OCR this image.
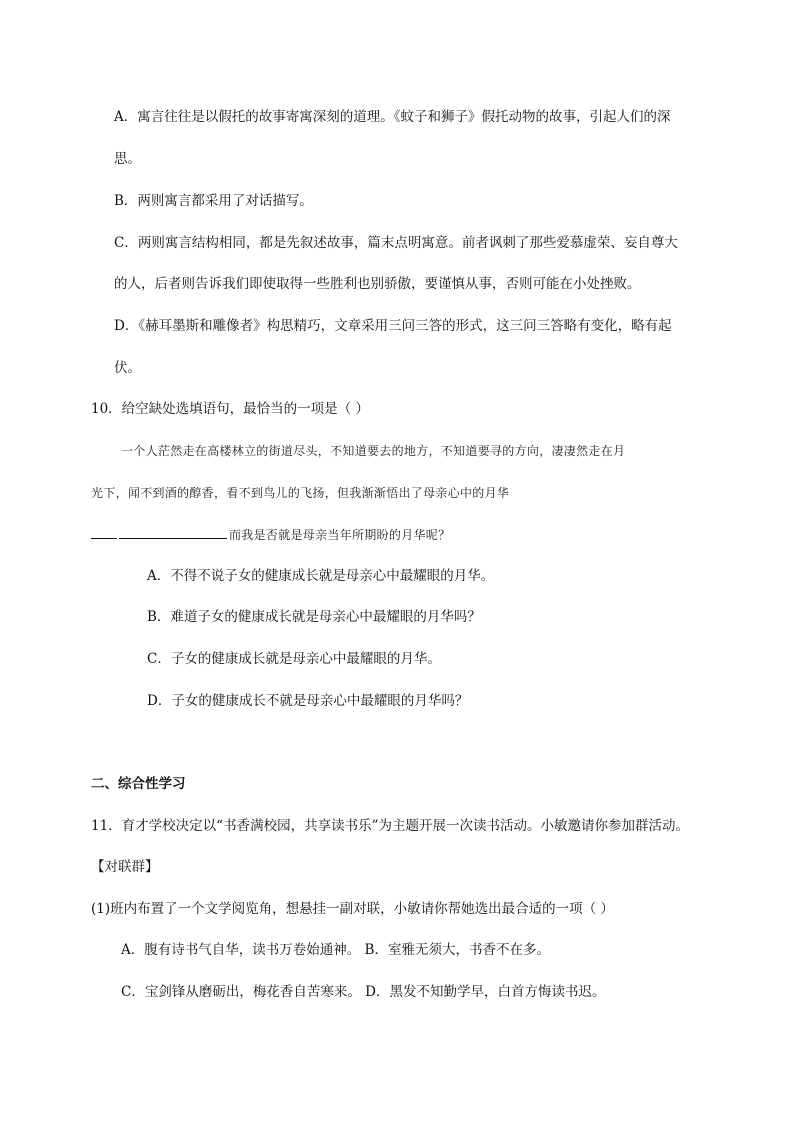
A．寓言往往是以假托的故事寄寓深刻的道理。《蚊子和狮子》假托动物的故事，引起人们的深
思。
B．两则寓言都采用了对话描写。
C．两则寓言结构相同，都是先叙述故事，篇末点明寓意。前者讽刺了那些爱慕虚荣、妄自尊大
的人，后者则告诉我们即使取得一些胜利也别骄傲，要谨慎从事，否则可能在小处挫败。
D．《赫耳墨斯和雕像者》构思精巧，文章采用三问三答的形式，这三问三答略有变化，略有起
伏。
10．给空缺处选填语句，最恰当的一项是（ ）
一个人茫然走在高楼林立的街道尽头，不知道要去的地方，不知道要寻的方向，凄凄然走在月
光下，闻不到酒的醇香，看不到鸟儿的飞扬，但我渐渐悟出了母亲心中的月华
而我是否就是母亲当年所期盼的月华呢？
A．不得不说子女的健康成长就是母亲心中最耀眼的月华。
B．难道子女的健康成长就是母亲心中最耀眼的月华吗？
C．子女的健康成长就是母亲心中最耀眼的月华。
D．子女的健康成长不就是母亲心中最耀眼的月华吗？
二、综合性学习
11．育才学校决定以“书香满校园，共享读书乐”为主题开展一次读书活动。小敏邀请你参加群活动。
【对联群】
(1)班内布置了一个文学阅览角，想悬挂一副对联，小敏请你帮她选出最合适的一项（ ）
A．腹有诗书气自华，读书万卷始通神。 B．室雅无须大，书香不在多。
C．宝剑锋从磨砺出，梅花香自苦寒来。 D．黑发不知勤学早，白首方悔读书迟。
